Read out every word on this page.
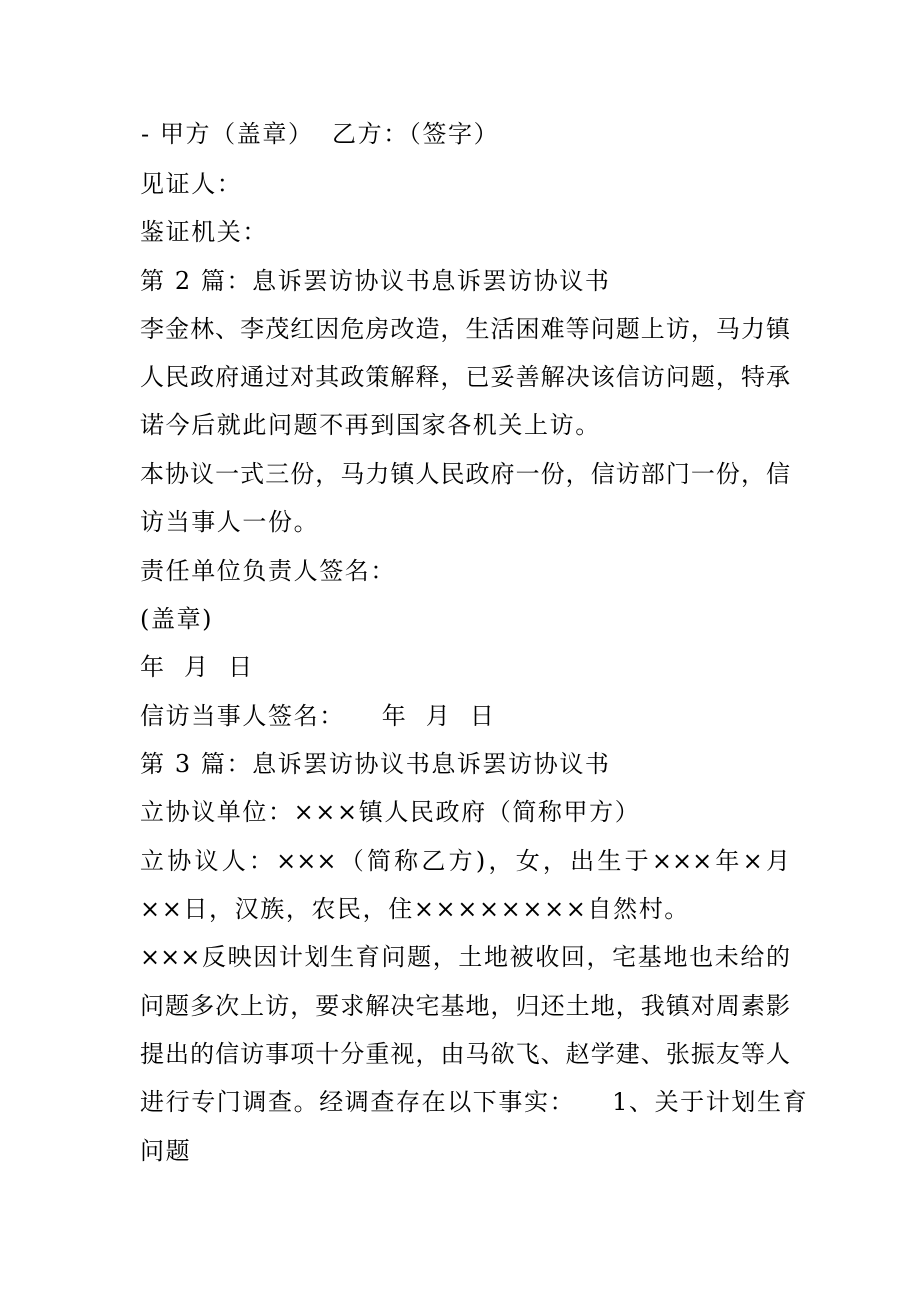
- 甲方（盖章）  乙方：（签字）
见证人：
鉴证机关：
第 2 篇：息诉罢访协议书息诉罢访协议书
李金林、李茂红因危房改造，生活困难等问题上访，马力镇
人民政府通过对其政策解释，已妥善解决该信访问题，特承
诺今后就此问题不再到国家各机关上访。
本协议一式三份，马力镇人民政府一份，信访部门一份，信
访当事人一份。
责任单位负责人签名：
(盖章)
年  月  日
信访当事人签名：    年  月  日
第 3 篇：息诉罢访协议书息诉罢访协议书
立协议单位：×××镇人民政府（简称甲方）
立协议人：×××（简称乙方)，女，出生于×××年×月
××日，汉族，农民，住××××××××自然村。
×××反映因计划生育问题，土地被收回，宅基地也未给的
问题多次上访，要求解决宅基地，归还土地，我镇对周素影
提出的信访事项十分重视，由马欲飞、赵学建、张振友等人
进行专门调查。经调查存在以下事实：    1、关于计划生育
问题
